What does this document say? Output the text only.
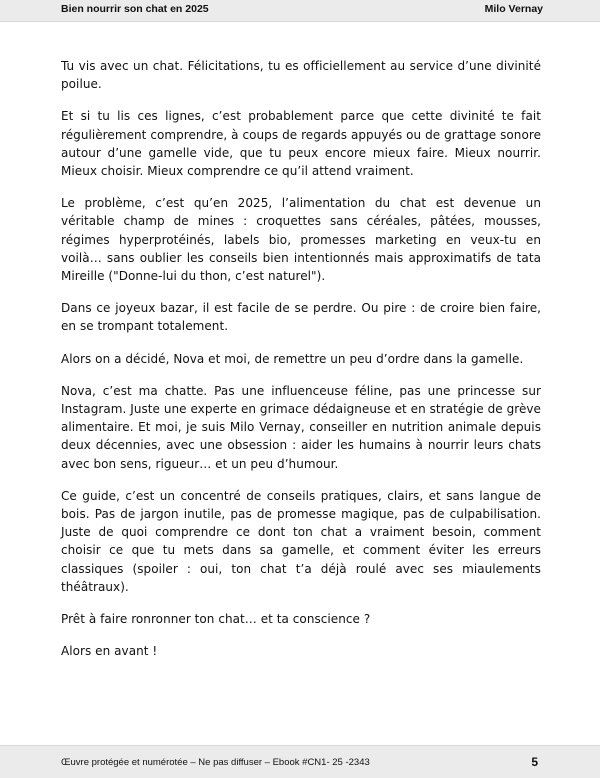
Bien nourrir son chat en 2025	Milo Vernay

Tu vis avec un chat. Félicitations, tu es officiellement au service d’une divinité poilue.

Et si tu lis ces lignes, c’est probablement parce que cette divinité te fait régulièrement comprendre, à coups de regards appuyés ou de grattage sonore autour d’une gamelle vide, que tu peux encore mieux faire. Mieux nourrir. Mieux choisir. Mieux comprendre ce qu’il attend vraiment.

Le problème, c’est qu’en 2025, l’alimentation du chat est devenue un véritable champ de mines : croquettes sans céréales, pâtées, mousses, régimes hyperprotéinés, labels bio, promesses marketing en veux-tu en voilà… sans oublier les conseils bien intentionnés mais approximatifs de tata Mireille ("Donne-lui du thon, c’est naturel").

Dans ce joyeux bazar, il est facile de se perdre. Ou pire : de croire bien faire, en se trompant totalement.

Alors on a décidé, Nova et moi, de remettre un peu d’ordre dans la gamelle.

Nova, c’est ma chatte. Pas une influenceuse féline, pas une princesse sur Instagram. Juste une experte en grimace dédaigneuse et en stratégie de grève alimentaire. Et moi, je suis Milo Vernay, conseiller en nutrition animale depuis deux décennies, avec une obsession : aider les humains à nourrir leurs chats avec bon sens, rigueur… et un peu d’humour.

Ce guide, c’est un concentré de conseils pratiques, clairs, et sans langue de bois. Pas de jargon inutile, pas de promesse magique, pas de culpabilisation. Juste de quoi comprendre ce dont ton chat a vraiment besoin, comment choisir ce que tu mets dans sa gamelle, et comment éviter les erreurs classiques (spoiler : oui, ton chat t’a déjà roulé avec ses miaulements théâtraux).

Prêt à faire ronronner ton chat… et ta conscience ?

Alors en avant !

Œuvre protégée et numérotée – Ne pas diffuser – Ebook #CN1- 25 -2343	5
